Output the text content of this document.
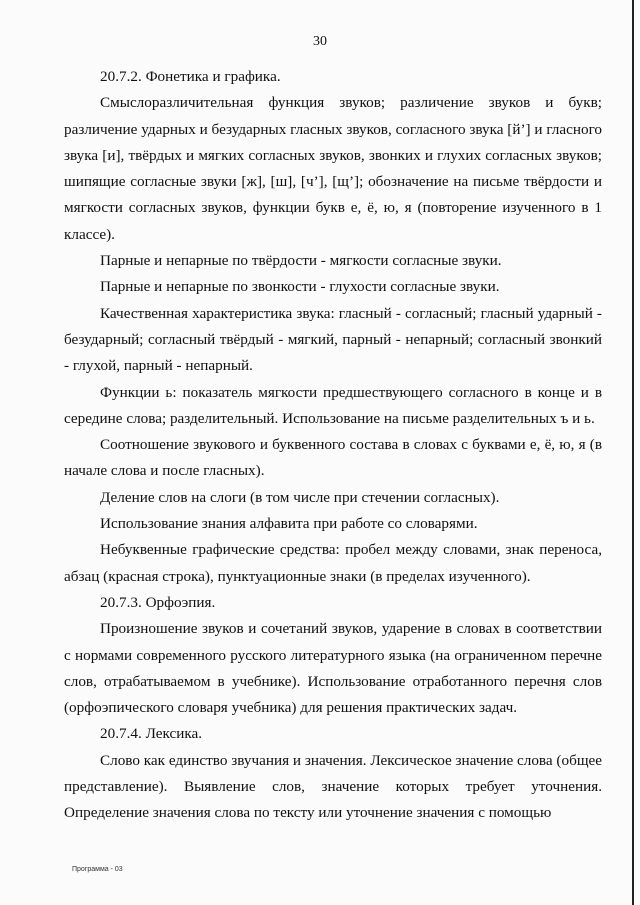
30

20.7.2. Фонетика и графика.

Смыслоразличительная функция звуков; различение звуков и букв; различение ударных и безударных гласных звуков, согласного звука [й’] и гласного звука [и], твёрдых и мягких согласных звуков, звонких и глухих согласных звуков; шипящие согласные звуки [ж], [ш], [ч’], [щ’]; обозначение на письме твёрдости и мягкости согласных звуков, функции букв е, ё, ю, я (повторение изученного в 1 классе).

Парные и непарные по твёрдости - мягкости согласные звуки.

Парные и непарные по звонкости - глухости согласные звуки.

Качественная характеристика звука: гласный - согласный; гласный ударный - безударный; согласный твёрдый - мягкий, парный - непарный; согласный звонкий - глухой, парный - непарный.

Функции ь: показатель мягкости предшествующего согласного в конце и в середине слова; разделительный. Использование на письме разделительных ъ и ь.

Соотношение звукового и буквенного состава в словах с буквами е, ё, ю, я (в начале слова и после гласных).

Деление слов на слоги (в том числе при стечении согласных).

Использование знания алфавита при работе со словарями.

Небуквенные графические средства: пробел между словами, знак переноса, абзац (красная строка), пунктуационные знаки (в пределах изученного).

20.7.3. Орфоэпия.

Произношение звуков и сочетаний звуков, ударение в словах в соответствии с нормами современного русского литературного языка (на ограниченном перечне слов, отрабатываемом в учебнике). Использование отработанного перечня слов (орфоэпического словаря учебника) для решения практических задач.

20.7.4. Лексика.

Слово как единство звучания и значения. Лексическое значение слова (общее представление). Выявление слов, значение которых требует уточнения. Определение значения слова по тексту или уточнение значения с помощью

Программа - 03
